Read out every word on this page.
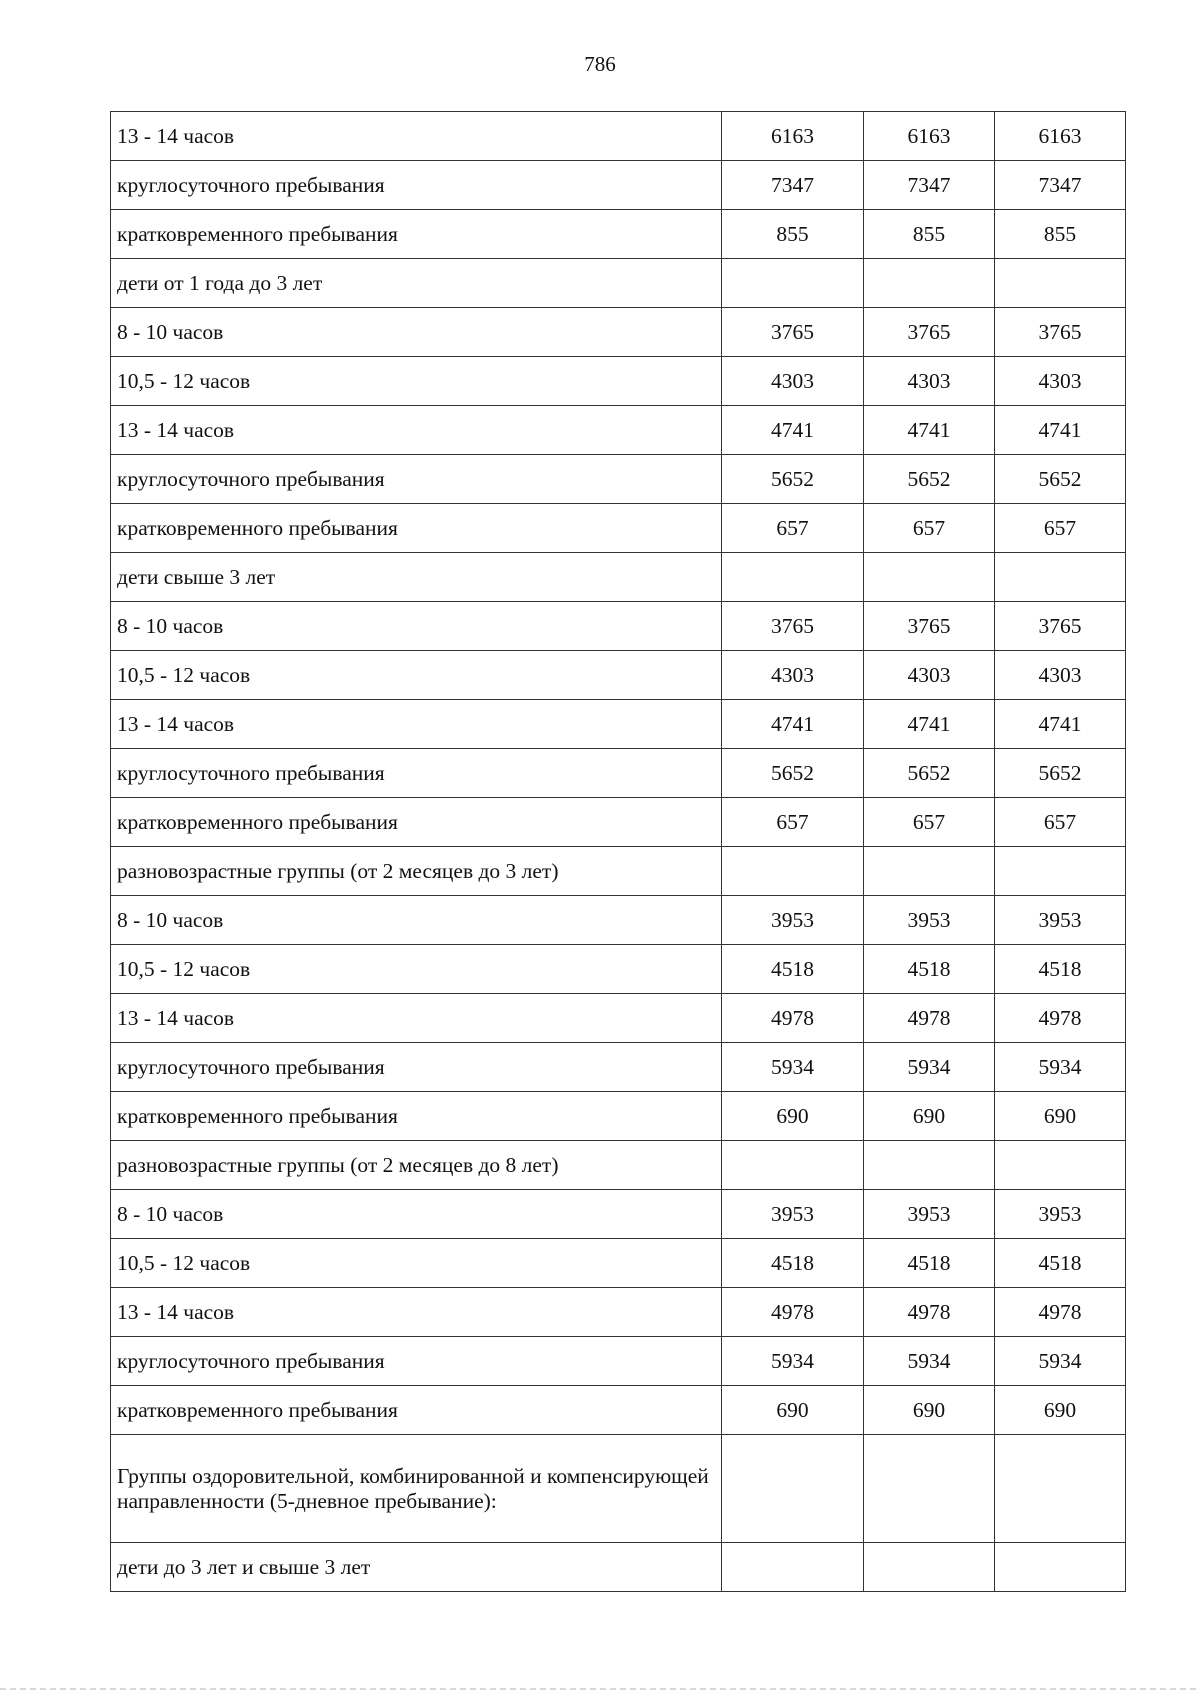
786
13 - 14 часов	6163	6163	6163
круглосуточного пребывания	7347	7347	7347
кратковременного пребывания	855	855	855
дети от 1 года до 3 лет			
8 - 10 часов	3765	3765	3765
10,5 - 12 часов	4303	4303	4303
13 - 14 часов	4741	4741	4741
круглосуточного пребывания	5652	5652	5652
кратковременного пребывания	657	657	657
дети свыше 3 лет			
8 - 10 часов	3765	3765	3765
10,5 - 12 часов	4303	4303	4303
13 - 14 часов	4741	4741	4741
круглосуточного пребывания	5652	5652	5652
кратковременного пребывания	657	657	657
разновозрастные группы (от 2 месяцев до 3 лет)			
8 - 10 часов	3953	3953	3953
10,5 - 12 часов	4518	4518	4518
13 - 14 часов	4978	4978	4978
круглосуточного пребывания	5934	5934	5934
кратковременного пребывания	690	690	690
разновозрастные группы (от 2 месяцев до 8 лет)			
8 - 10 часов	3953	3953	3953
10,5 - 12 часов	4518	4518	4518
13 - 14 часов	4978	4978	4978
круглосуточного пребывания	5934	5934	5934
кратковременного пребывания	690	690	690
Группы оздоровительной, комбинированной и компенсирующей направленности (5-дневное пребывание):			
дети до 3 лет и свыше 3 лет			
